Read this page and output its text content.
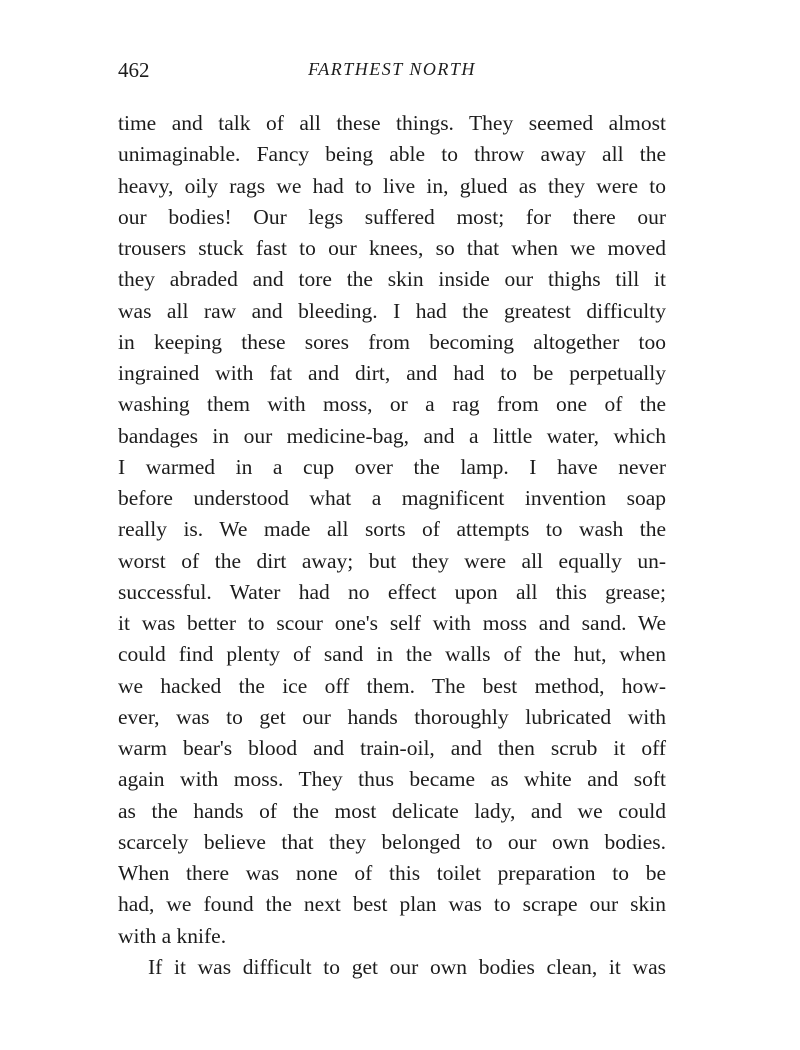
462	FARTHEST NORTH
time and talk of all these things. They seemed almost
unimaginable. Fancy being able to throw away all the
heavy, oily rags we had to live in, glued as they were to
our bodies! Our legs suffered most; for there our
trousers stuck fast to our knees, so that when we moved
they abraded and tore the skin inside our thighs till it
was all raw and bleeding. I had the greatest difficulty
in keeping these sores from becoming altogether too
ingrained with fat and dirt, and had to be perpetually
washing them with moss, or a rag from one of the
bandages in our medicine-bag, and a little water, which
I warmed in a cup over the lamp. I have never
before understood what a magnificent invention soap
really is. We made all sorts of attempts to wash the
worst of the dirt away; but they were all equally un-
successful. Water had no effect upon all this grease;
it was better to scour one's self with moss and sand. We
could find plenty of sand in the walls of the hut, when
we hacked the ice off them. The best method, how-
ever, was to get our hands thoroughly lubricated with
warm bear's blood and train-oil, and then scrub it off
again with moss. They thus became as white and soft
as the hands of the most delicate lady, and we could
scarcely believe that they belonged to our own bodies.
When there was none of this toilet preparation to be
had, we found the next best plan was to scrape our skin
with a knife.
If it was difficult to get our own bodies clean, it was
